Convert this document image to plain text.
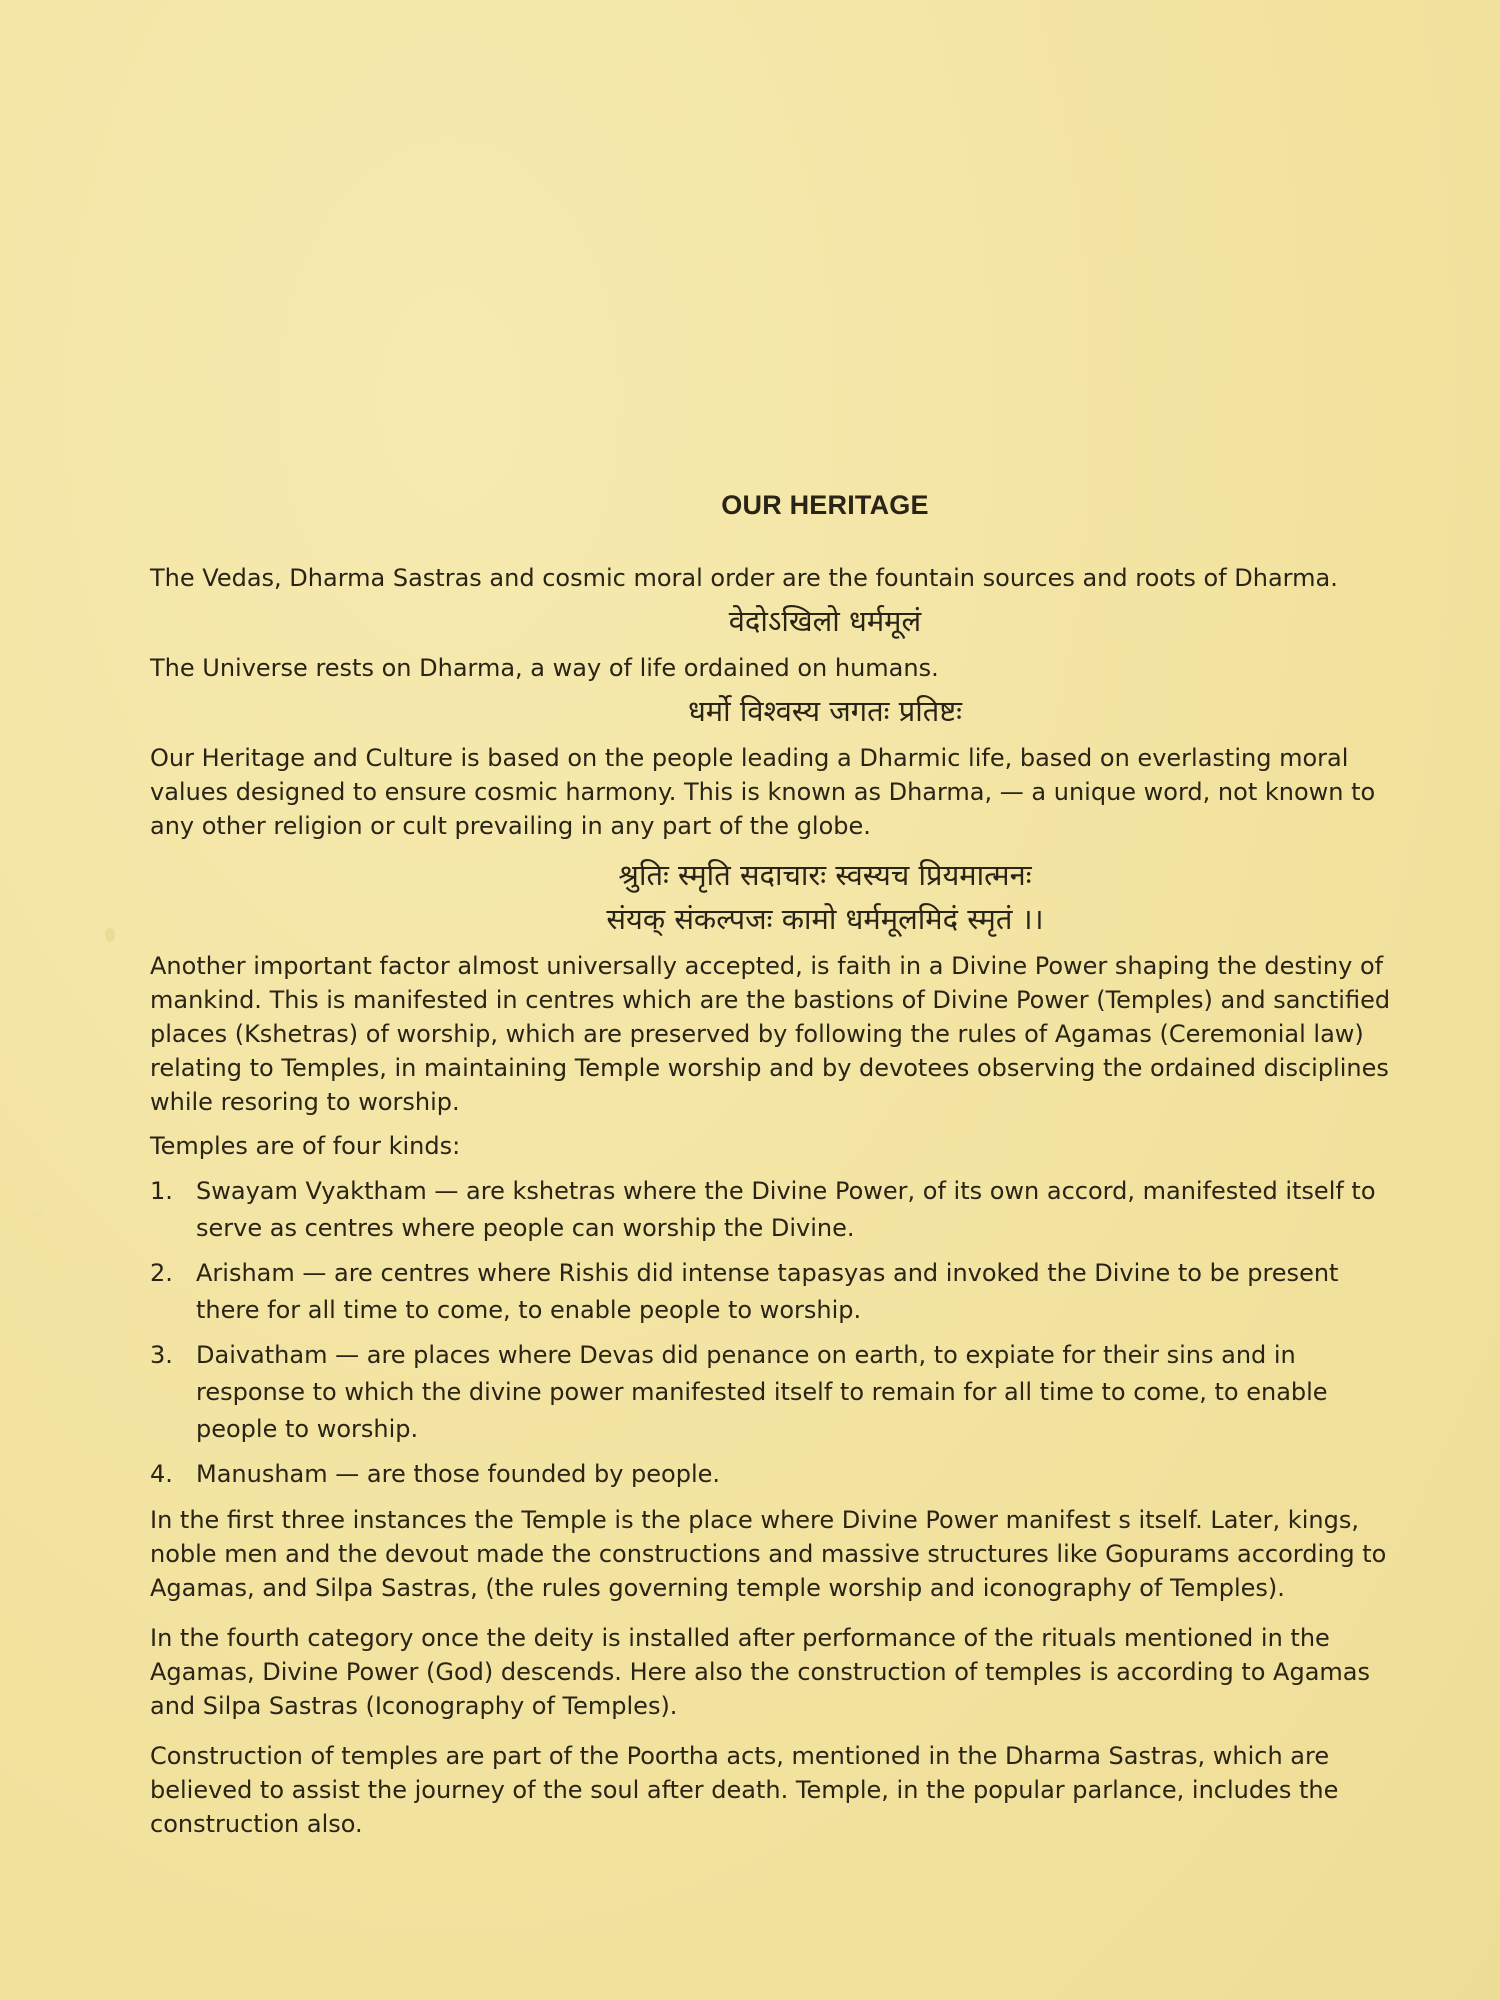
OUR HERITAGE

The Vedas, Dharma Sastras and cosmic moral order are the fountain sources and roots of Dharma.

वेदोऽखिलो धर्ममूलं

The Universe rests on Dharma, a way of life ordained on humans.

धर्मो विश्वस्य जगतः प्रतिष्टः

Our Heritage and Culture is based on the people leading a Dharmic life, based on everlasting moral values designed to ensure cosmic harmony. This is known as Dharma, — a unique word, not known to any other religion or cult prevailing in any part of the globe.

श्रुतिः स्मृति सदाचारः स्वस्यच प्रियमात्मनः
संयक् संकल्पजः कामो धर्ममूलमिदं स्मृतं ।।

Another important factor almost universally accepted, is faith in a Divine Power shaping the destiny of mankind. This is manifested in centres which are the bastions of Divine Power (Temples) and sanctified places (Kshetras) of worship, which are preserved by following the rules of Agamas (Ceremonial law) relating to Temples, in maintaining Temple worship and by devotees observing the ordained disciplines while resoring to worship.

Temples are of four kinds:

1. Swayam Vyaktham — are kshetras where the Divine Power, of its own accord, manifested itself to serve as centres where people can worship the Divine.
2. Arisham — are centres where Rishis did intense tapasyas and invoked the Divine to be present there for all time to come, to enable people to worship.
3. Daivatham — are places where Devas did penance on earth, to expiate for their sins and in response to which the divine power manifested itself to remain for all time to come, to enable people to worship.
4. Manusham — are those founded by people.

In the first three instances the Temple is the place where Divine Power manifest s itself. Later, kings, noble men and the devout made the constructions and massive structures like Gopurams according to Agamas, and Silpa Sastras, (the rules governing temple worship and iconography of Temples).

In the fourth category once the deity is installed after performance of the rituals mentioned in the Agamas, Divine Power (God) descends. Here also the construction of temples is according to Agamas and Silpa Sastras (Iconography of Temples).

Construction of temples are part of the Poortha acts, mentioned in the Dharma Sastras, which are believed to assist the journey of the soul after death. Temple, in the popular parlance, includes the construction also.
